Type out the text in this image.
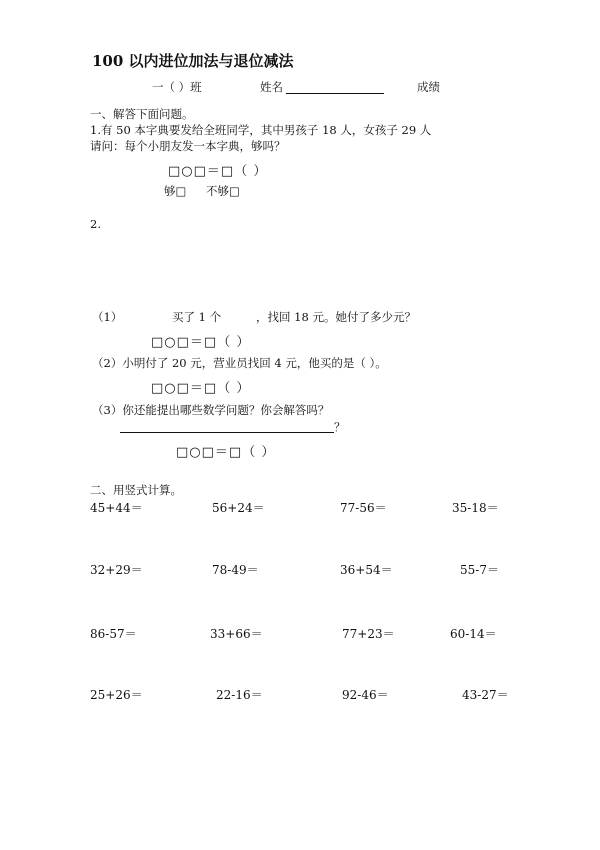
100 以内进位加法与退位减法
一（ ）班	姓名	成绩
一、解答下面问题。
1.有 50 本字典要发给全班同学，其中男孩子 18 人，女孩子 29 人
请问：每个小朋友发一本字典，够吗？
□○□＝□（ ）
够□ 不够□
2.
（1）	买了 1 个	，找回 18 元。她付了多少元？
□○□＝□（ ）
（2）小明付了 20 元，营业员找回 4 元，他买的是（ ）。
□○□＝□（ ）
（3）你还能提出哪些数学问题？你会解答吗？
？
□○□＝□（ ）
二、用竖式计算。
45+44＝	56+24＝	77-56＝	35-18＝
32+29＝	78-49＝	36+54＝	55-7＝
86-57＝	33+66＝	77+23＝	60-14＝
25+26＝	22-16＝	92-46＝	43-27＝
